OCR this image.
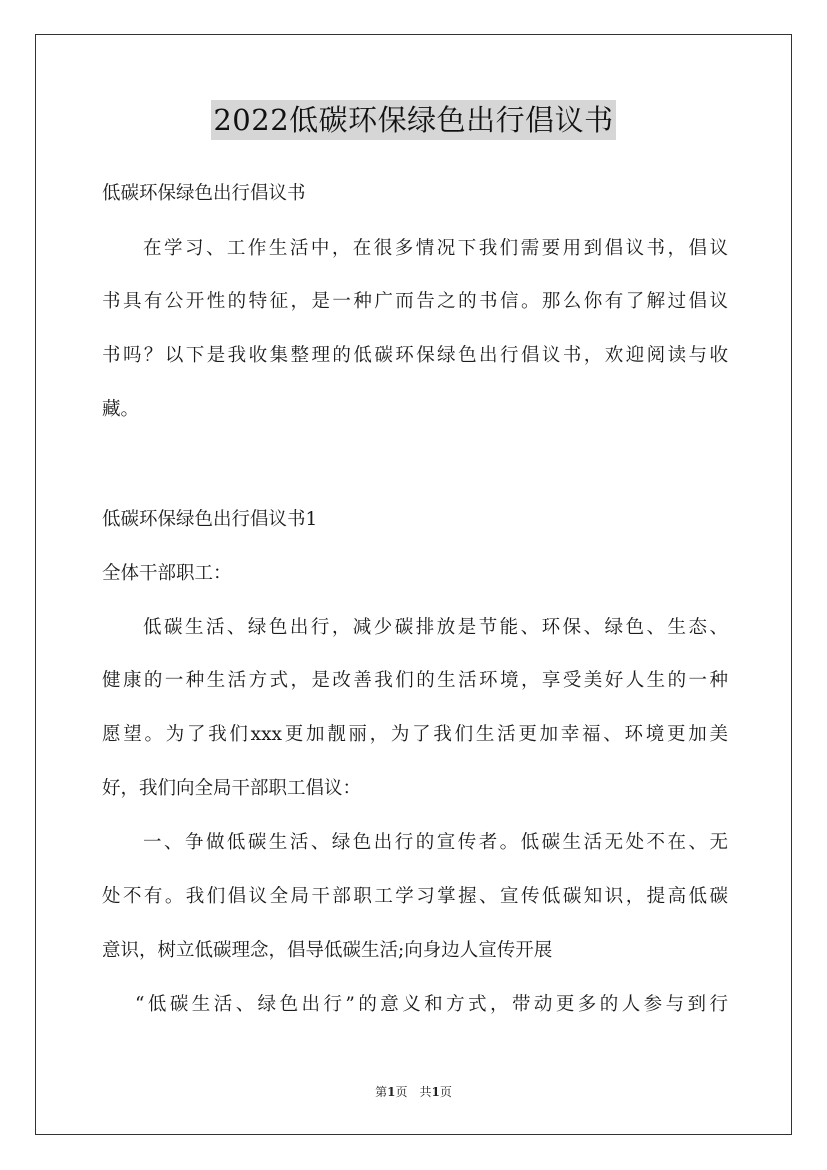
2022低碳环保绿色出行倡议书
低碳环保绿色出行倡议书
在学习、工作生活中，在很多情况下我们需要用到倡议书，倡议
书具有公开性的特征，是一种广而告之的书信。那么你有了解过倡议
书吗？以下是我收集整理的低碳环保绿色出行倡议书，欢迎阅读与收
藏。
低碳环保绿色出行倡议书1
全体干部职工：
低碳生活、绿色出行，减少碳排放是节能、环保、绿色、生态、
健康的一种生活方式，是改善我们的生活环境，享受美好人生的一种
愿望。为了我们xxx更加靓丽，为了我们生活更加幸福、环境更加美
好，我们向全局干部职工倡议：
一、争做低碳生活、绿色出行的宣传者。低碳生活无处不在、无
处不有。我们倡议全局干部职工学习掌握、宣传低碳知识，提高低碳
意识，树立低碳理念，倡导低碳生活;向身边人宣传开展
“低碳生活、绿色出行”的意义和方式，带动更多的人参与到行
第1页　共1页
